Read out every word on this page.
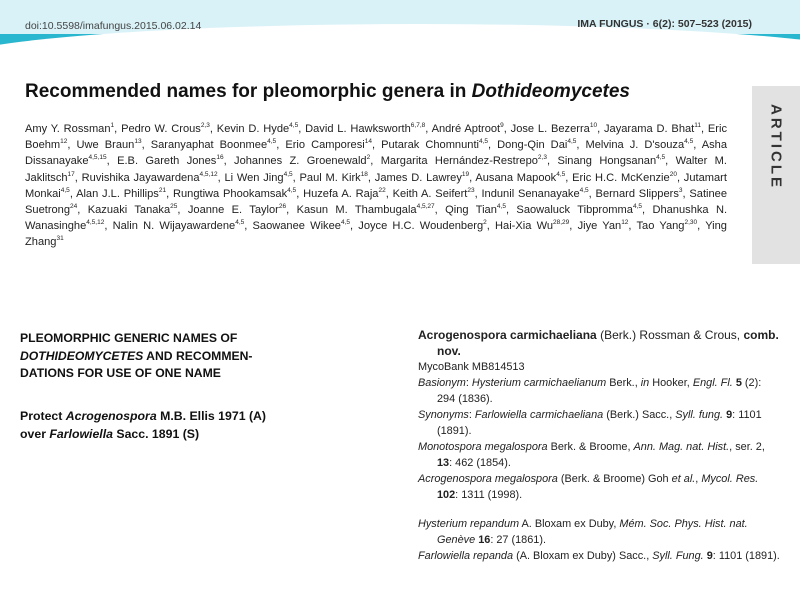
doi:10.5598/imafungus.2015.06.02.14	IMA FUNGUS · 6(2): 507–523 (2015)
Recommended names for pleomorphic genera in Dothideomycetes
ARTICLE
Amy Y. Rossman$^1$, Pedro W. Crous$^{2,3}$, Kevin D. Hyde$^{4,5}$, David L. Hawksworth$^{6,7,8}$, André Aptroot$^9$, Jose L. Bezerra$^{10}$, Jayarama D. Bhat$^{11}$, Eric Boehm$^{12}$, Uwe Braun$^{13}$, Saranyaphat Boonmee$^{4,5}$, Erio Camporesi$^{14}$, Putarak Chomnunti$^{4,5}$, Dong-Qin Dai$^{4,5}$, Melvina J. D'souza$^{4,5}$, Asha Dissanayake$^{4,5,15}$, E.B. Gareth Jones$^{16}$, Johannes Z. Groenewald$^2$, Margarita Hernández-Restrepo$^{2,3}$, Sinang Hongsanan$^{4,5}$, Walter M. Jaklitsch$^{17}$, Ruvishika Jayawardena$^{4,5,12}$, Li Wen Jing$^{4,5}$, Paul M. Kirk$^{18}$, James D. Lawrey$^{19}$, Ausana Mapook$^{4,5}$, Eric H.C. McKenzie$^{20}$, Jutamart Monkai$^{4,5}$, Alan J.L. Phillips$^{21}$, Rungtiwa Phookamsak$^{4,5}$, Huzefa A. Raja$^{22}$, Keith A. Seifert$^{23}$, Indunil Senanayake$^{4,5}$, Bernard Slippers$^3$, Satinee Suetrong$^{24}$, Kazuaki Tanaka$^{25}$, Joanne E. Taylor$^{26}$, Kasun M. Thambugala$^{4,5,27}$, Qing Tian$^{4,5}$, Saowaluck Tibpromma$^{4,5}$, Dhanushka N. Wanasinghe$^{4,5,12}$, Nalin N. Wijayawardene$^{4,5}$, Saowanee Wikee$^{4,5}$, Joyce H.C. Woudenberg$^2$, Hai-Xia Wu$^{28,29}$, Jiye Yan$^{12}$, Tao Yang$^{2,30}$, Ying Zhang$^{31}$
PLEOMORPHIC GENERIC NAMES OF
DOTHIDEOMYCETES AND RECOMMEN-
DATIONS FOR USE OF ONE NAME
Protect Acrogenospora M.B. Ellis 1971 (A)
over Farlowiella Sacc. 1891 (S)
Acrogenospora carmichaeliana (Berk.) Rossman & Crous, comb. nov.
MycoBank MB814513
Basionym: Hysterium carmichaelianum Berk., in Hooker, Engl. Fl. 5 (2): 294 (1836).
Synonyms: Farlowiella carmichaeliana (Berk.) Sacc., Syll. fung. 9: 1101 (1891).
Monotospora megalospora Berk. & Broome, Ann. Mag. nat. Hist., ser. 2, 13: 462 (1854).
Acrogenospora megalospora (Berk. & Broome) Goh et al., Mycol. Res. 102: 1311 (1998).
Hysterium repandum A. Bloxam ex Duby, Mém. Soc. Phys. Hist. nat. Genève 16: 27 (1861).
Farlowiella repanda (A. Bloxam ex Duby) Sacc., Syll. Fung. 9: 1101 (1891).
